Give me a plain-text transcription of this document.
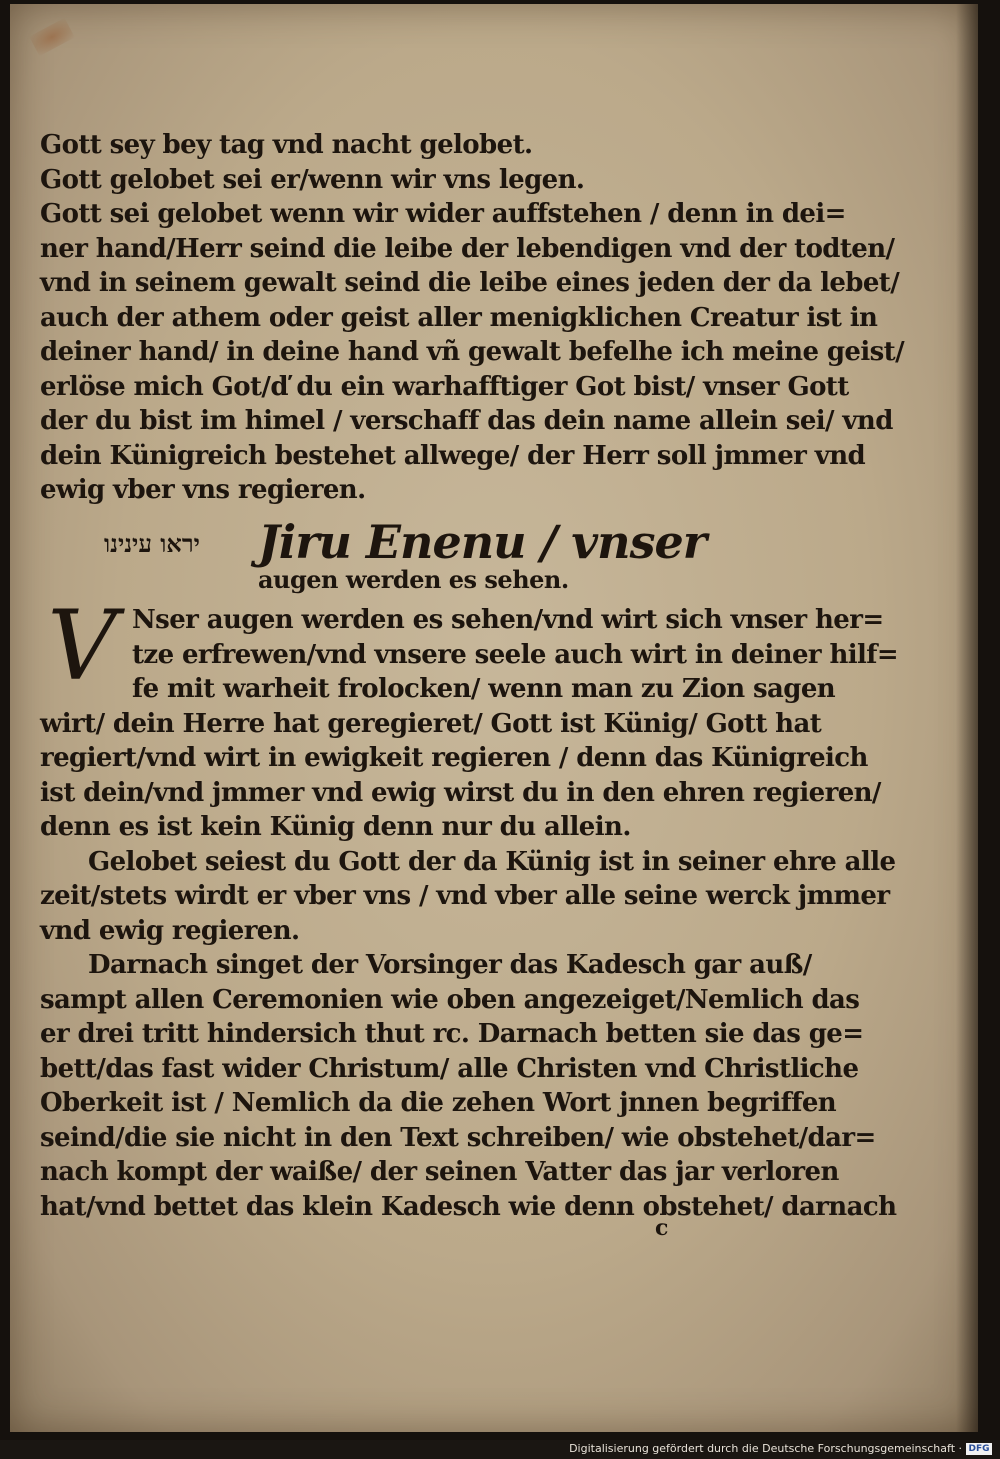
Gott sey bey tag vnd nacht gelobet.
Gott gelobet sei er/wenn wir vns legen.
Gott sei gelobet wenn wir wider auffstehen / denn in dei=
ner hand/Herr seind die leibe der lebendigen vnd der todten/
vnd in seinem gewalt seind die leibe eines jeden der da lebet/
auch der athem oder geist aller menigklichen Creatur ist in
deiner hand/ in deine hand vñ gewalt befelhe ich meine geist/
erlöse mich Got/ď du ein warhafftiger Got bist/ vnser Gott
der du bist im himel / verschaff das dein name allein sei/ vnd
dein Künigreich bestehet allwege/ der Herr soll jmmer vnd
ewig vber vns regieren.
יראו עינינו Jiru Enenu / vnser
augen werden es sehen.
V Nser augen werden es sehen/vnd wirt sich vnser her=
tze erfrewen/vnd vnsere seele auch wirt in deiner hilf=
fe mit warheit frolocken/ wenn man zu Zion sagen
wirt/ dein Herre hat geregieret/ Gott ist Künig/ Gott hat
regiert/vnd wirt in ewigkeit regieren / denn das Künigreich
ist dein/vnd jmmer vnd ewig wirst du in den ehren regieren/
denn es ist kein Künig denn nur du allein.
Gelobet seiest du Gott der da Künig ist in seiner ehre alle
zeit/stets wirdt er vber vns / vnd vber alle seine werck jmmer
vnd ewig regieren.
Darnach singet der Vorsinger das Kadesch gar auß/
sampt allen Ceremonien wie oben angezeiget/Nemlich das
er drei tritt hindersich thut rc. Darnach betten sie das ge=
bett/das fast wider Christum/ alle Christen vnd Christliche
Oberkeit ist / Nemlich da die zehen Wort jnnen begriffen
seind/die sie nicht in den Text schreiben/ wie obstehet/dar=
nach kompt der waiße/ der seinen Vatter das jar verloren
hat/vnd bettet das klein Kadesch wie denn obstehet/ darnach
c
Digitalisierung gefördert durch die Deutsche Forschungsgemeinschaft · DFG
